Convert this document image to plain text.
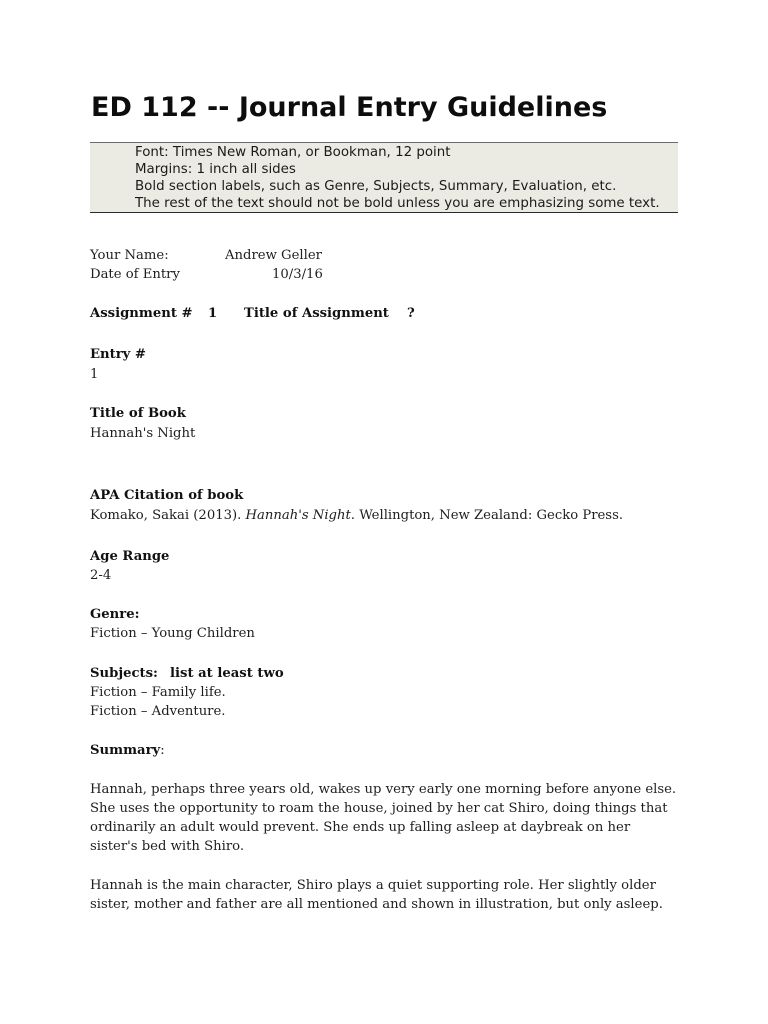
ED 112 -- Journal Entry Guidelines
Font: Times New Roman, or Bookman, 12 point
Margins: 1 inch all sides
Bold section labels, such as Genre, Subjects, Summary, Evaluation, etc.
The rest of the text should not be bold unless you are emphasizing some text.
Your Name:	Andrew Geller
Date of Entry	10/3/16
Assignment # 1 Title of Assignment ?
Entry #
1
Title of Book
Hannah's Night
APA Citation of book
Komako, Sakai (2013). Hannah's Night. Wellington, New Zealand: Gecko Press.
Age Range
2-4
Genre:
Fiction – Young Children
Subjects: list at least two
Fiction – Family life.
Fiction – Adventure.
Summary:
Hannah, perhaps three years old, wakes up very early one morning before anyone else.
She uses the opportunity to roam the house, joined by her cat Shiro, doing things that
ordinarily an adult would prevent. She ends up falling asleep at daybreak on her
sister's bed with Shiro.
Hannah is the main character, Shiro plays a quiet supporting role. Her slightly older
sister, mother and father are all mentioned and shown in illustration, but only asleep.
